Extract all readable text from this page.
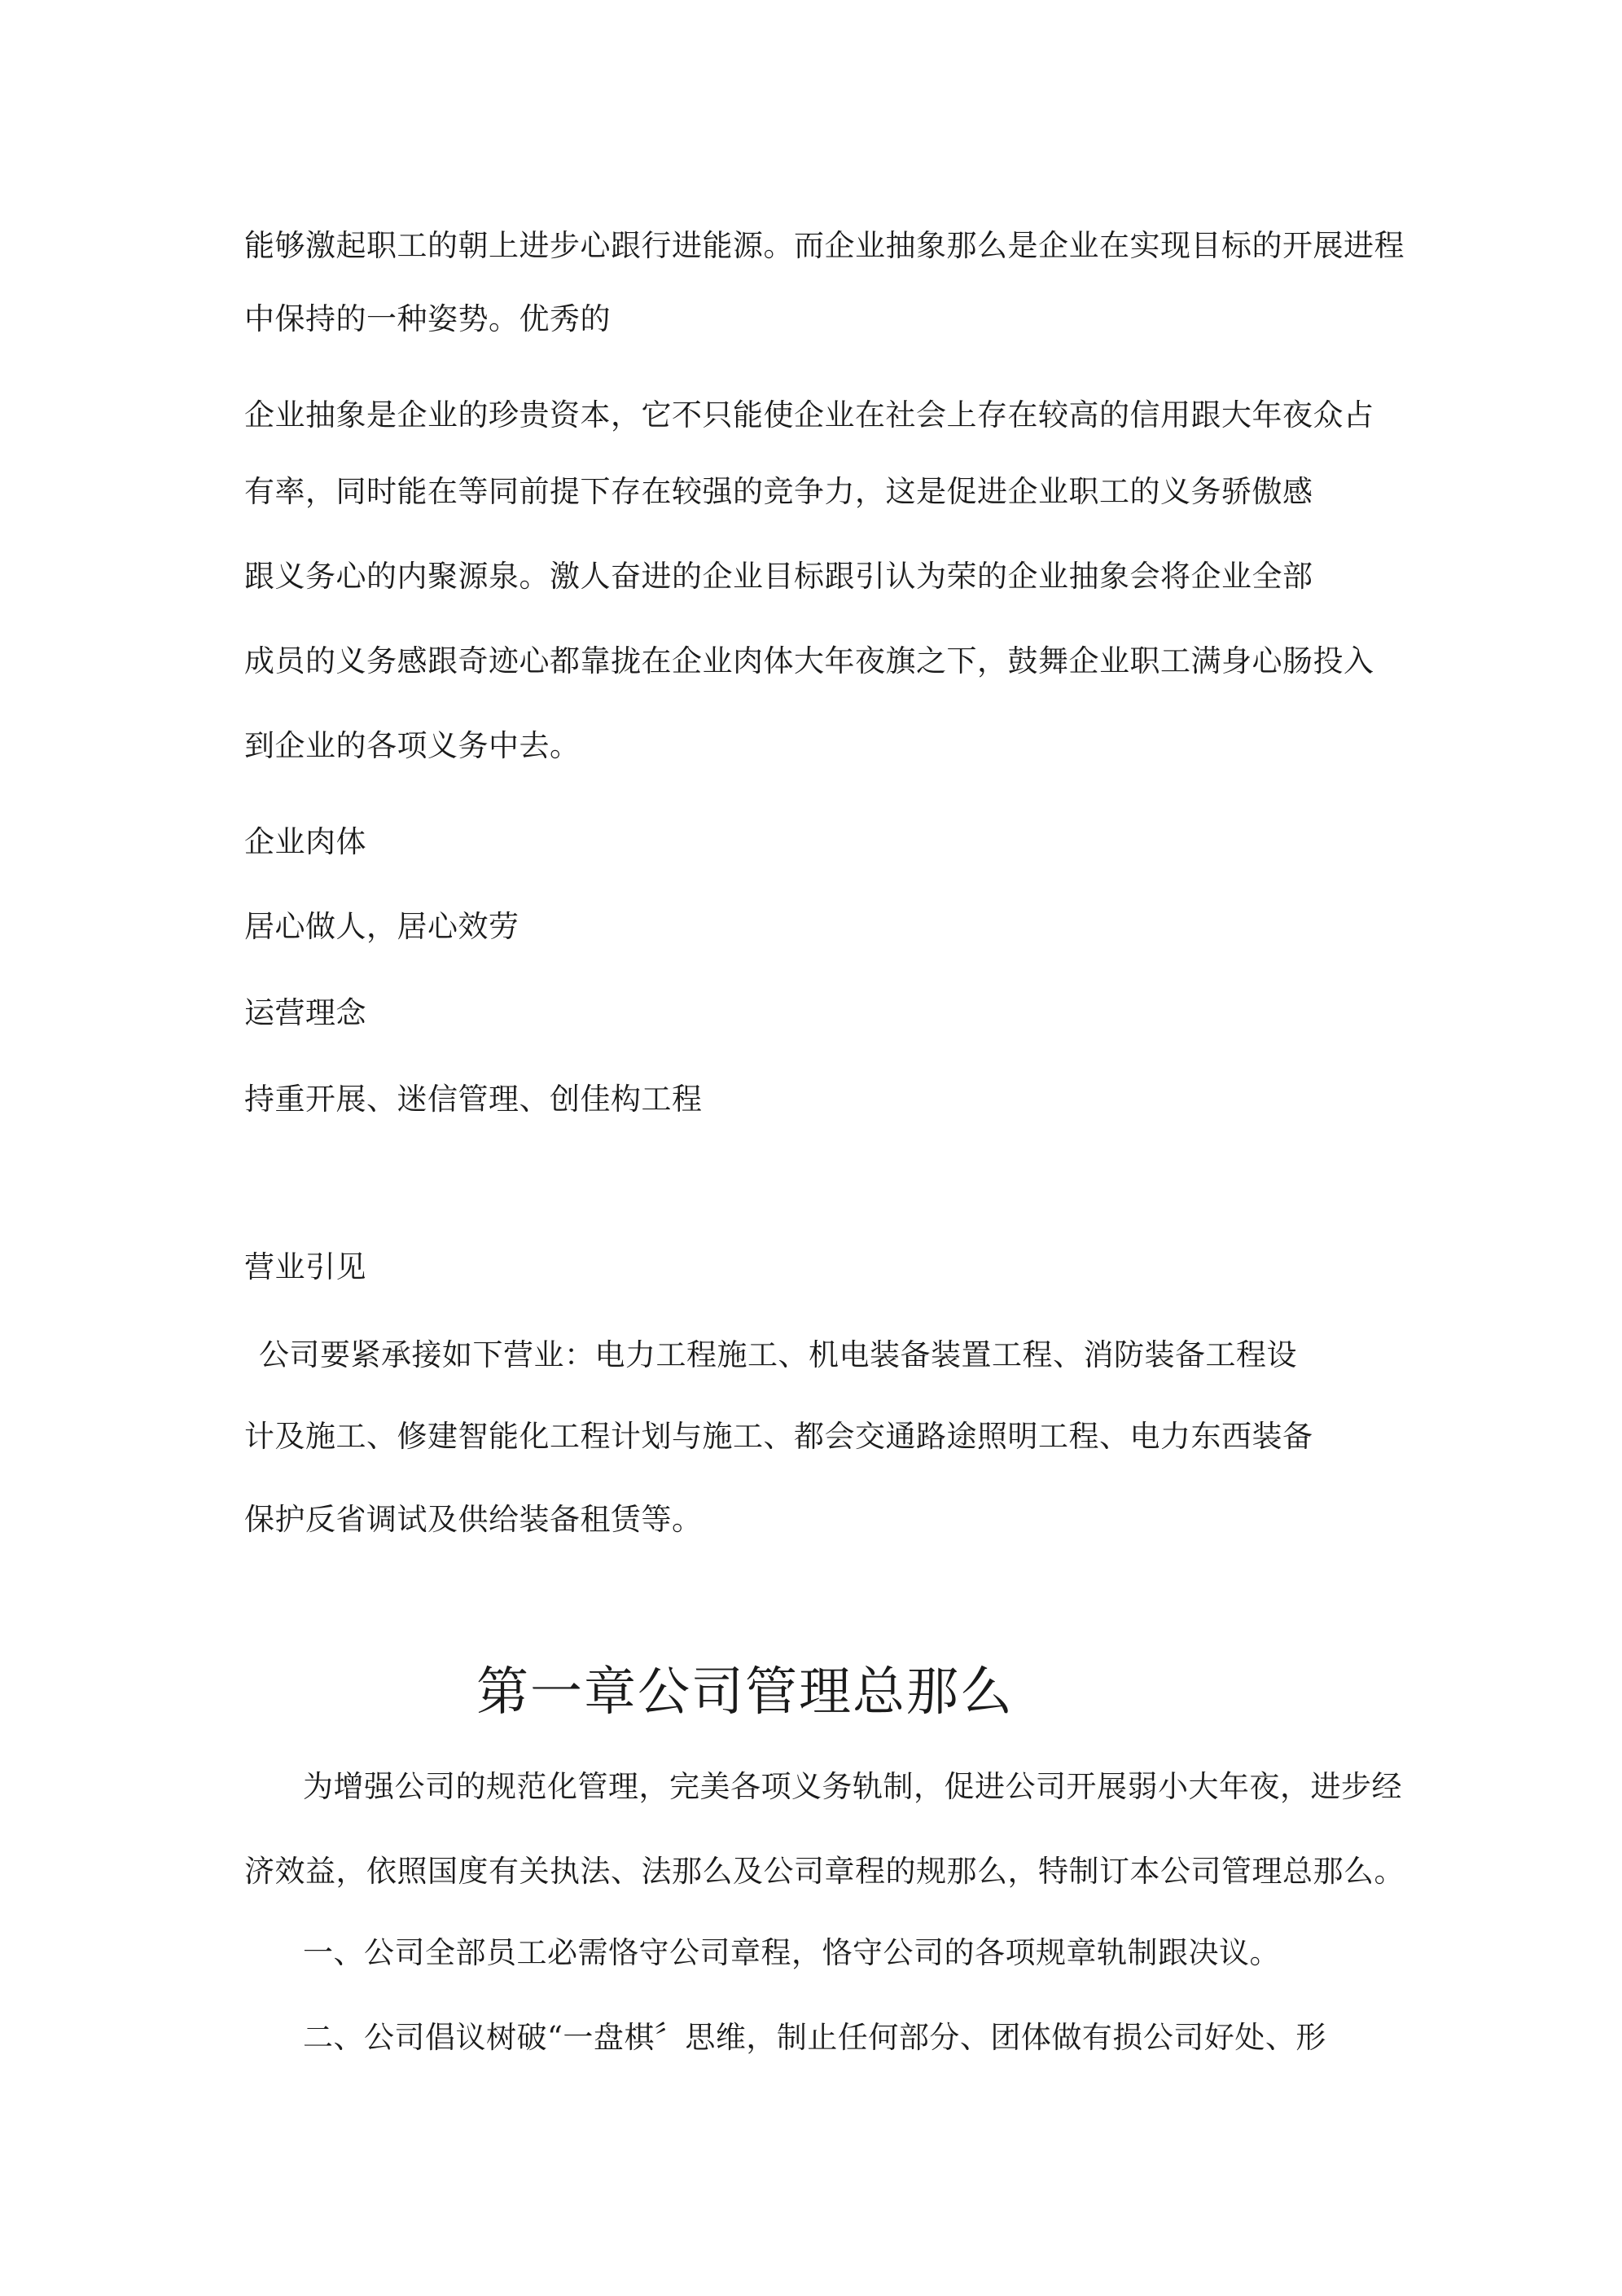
能够激起职工的朝上进步心跟行进能源。而企业抽象那么是企业在实现目标的开展进程
中保持的一种姿势。优秀的
企业抽象是企业的珍贵资本，它不只能使企业在社会上存在较高的信用跟大年夜众占
有率，同时能在等同前提下存在较强的竞争力，这是促进企业职工的义务骄傲感
跟义务心的内聚源泉。激人奋进的企业目标跟引认为荣的企业抽象会将企业全部
成员的义务感跟奇迹心都靠拢在企业肉体大年夜旗之下，鼓舞企业职工满身心肠投入
到企业的各项义务中去。
企业肉体
居心做人，居心效劳
运营理念
持重开展、迷信管理、创佳构工程
营业引见
公司要紧承接如下营业：电力工程施工、机电装备装置工程、消防装备工程设
计及施工、修建智能化工程计划与施工、都会交通路途照明工程、电力东西装备
保护反省调试及供给装备租赁等。
第一章公司管理总那么
为增强公司的规范化管理，完美各项义务轨制，促进公司开展弱小大年夜，进步经
济效益，依照国度有关执法、法那么及公司章程的规那么，特制订本公司管理总那么。
一、公司全部员工必需恪守公司章程，恪守公司的各项规章轨制跟决议。
二、公司倡议树破“一盘棋〞思维，制止任何部分、团体做有损公司好处、形
